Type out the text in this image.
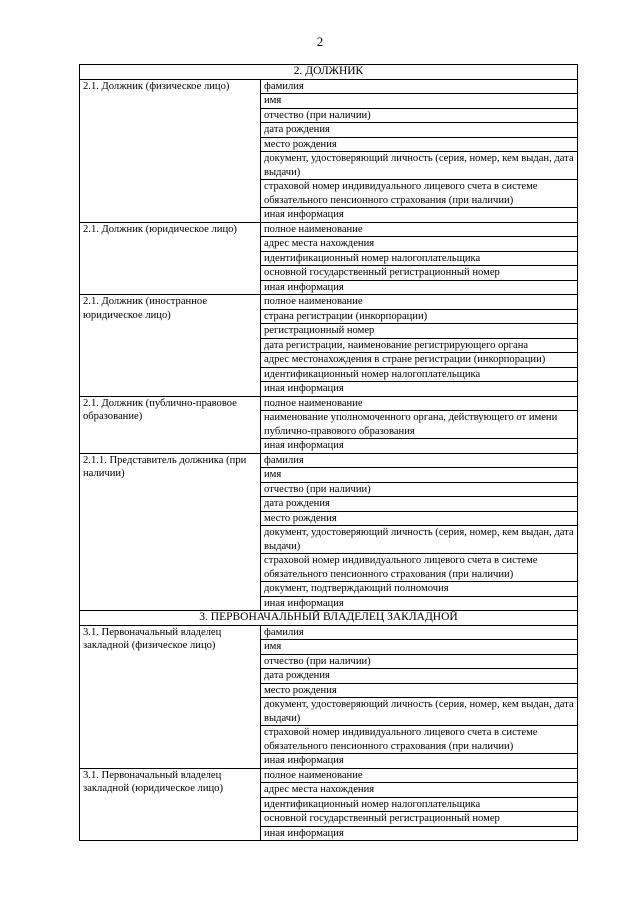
2
2. ДОЛЖНИК	
2.1. Должник (физическое лицо)	фамилия
	имя
	отчество (при наличии)
	дата рождения
	место рождения
	документ, удостоверяющий личность (серия, номер, кем выдан, дата выдачи)
	страховой номер индивидуального лицевого счета в системе обязательного пенсионного страхования (при наличии)
	иная информация
2.1. Должник (юридическое лицо)	полное наименование
	адрес места нахождения
	идентификационный номер налогоплательщика
	основной государственный регистрационный номер
	иная информация
2.1. Должник (иностранное юридическое лицо)	полное наименование
	страна регистрации (инкорпорации)
	регистрационный номер
	дата регистрации, наименование регистрирующего органа
	адрес местонахождения в стране регистрации (инкорпорации)
	идентификационный номер налогоплательщика
	иная информация
2.1. Должник (публично-правовое образование)	полное наименование
	наименование уполномоченного органа, действующего от имени публично-правового образования
	иная информация
2.1.1. Представитель должника (при наличии)	фамилия
	имя
	отчество (при наличии)
	дата рождения
	место рождения
	документ, удостоверяющий личность (серия, номер, кем выдан, дата выдачи)
	страховой номер индивидуального лицевого счета в системе обязательного пенсионного страхования (при наличии)
	документ, подтверждающий полномочия
	иная информация
3. ПЕРВОНАЧАЛЬНЫЙ ВЛАДЕЛЕЦ ЗАКЛАДНОЙ	
3.1. Первоначальный владелец закладной (физическое лицо)	фамилия
	имя
	отчество (при наличии)
	дата рождения
	место рождения
	документ, удостоверяющий личность (серия, номер, кем выдан, дата выдачи)
	страховой номер индивидуального лицевого счета в системе обязательного пенсионного страхования (при наличии)
	иная информация
3.1. Первоначальный владелец закладной (юридическое лицо)	полное наименование
	адрес места нахождения
	идентификационный номер налогоплательщика
	основной государственный регистрационный номер
	иная информация
